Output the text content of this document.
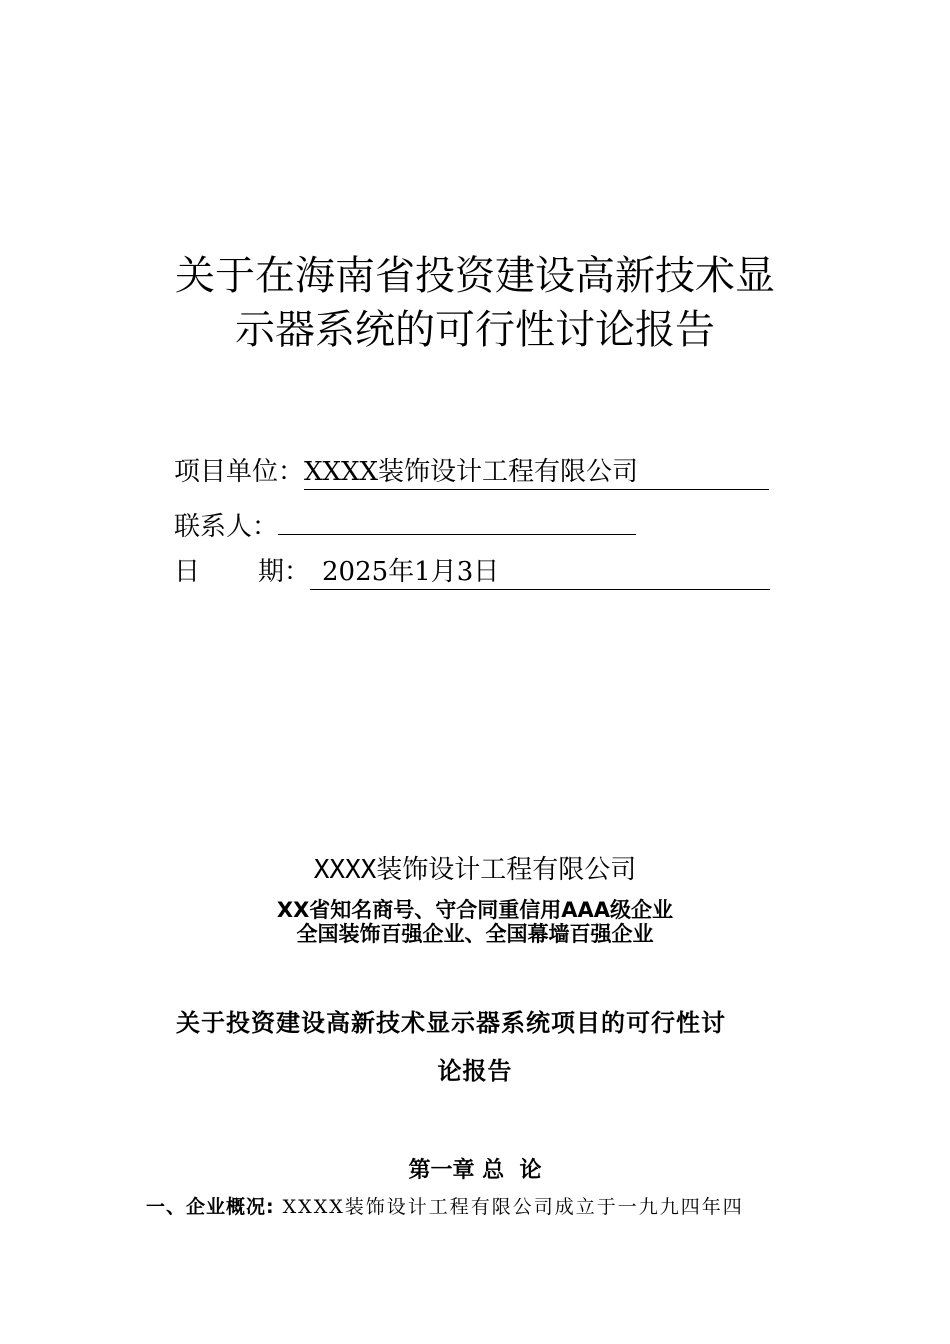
关于在海南省投资建设高新技术显
示器系统的可行性讨论报告
项目单位：XXXX装饰设计工程有限公司
联系人：
日 期： 2025年1月3日
XXXX装饰设计工程有限公司
XX省知名商号、守合同重信用AAA级企业
全国装饰百强企业、全国幕墙百强企业
关于投资建设高新技术显示器系统项目的可行性讨
论报告
第一章 总  论
一、企业概况: XXXX装饰设计工程有限公司成立于一九九四年四
